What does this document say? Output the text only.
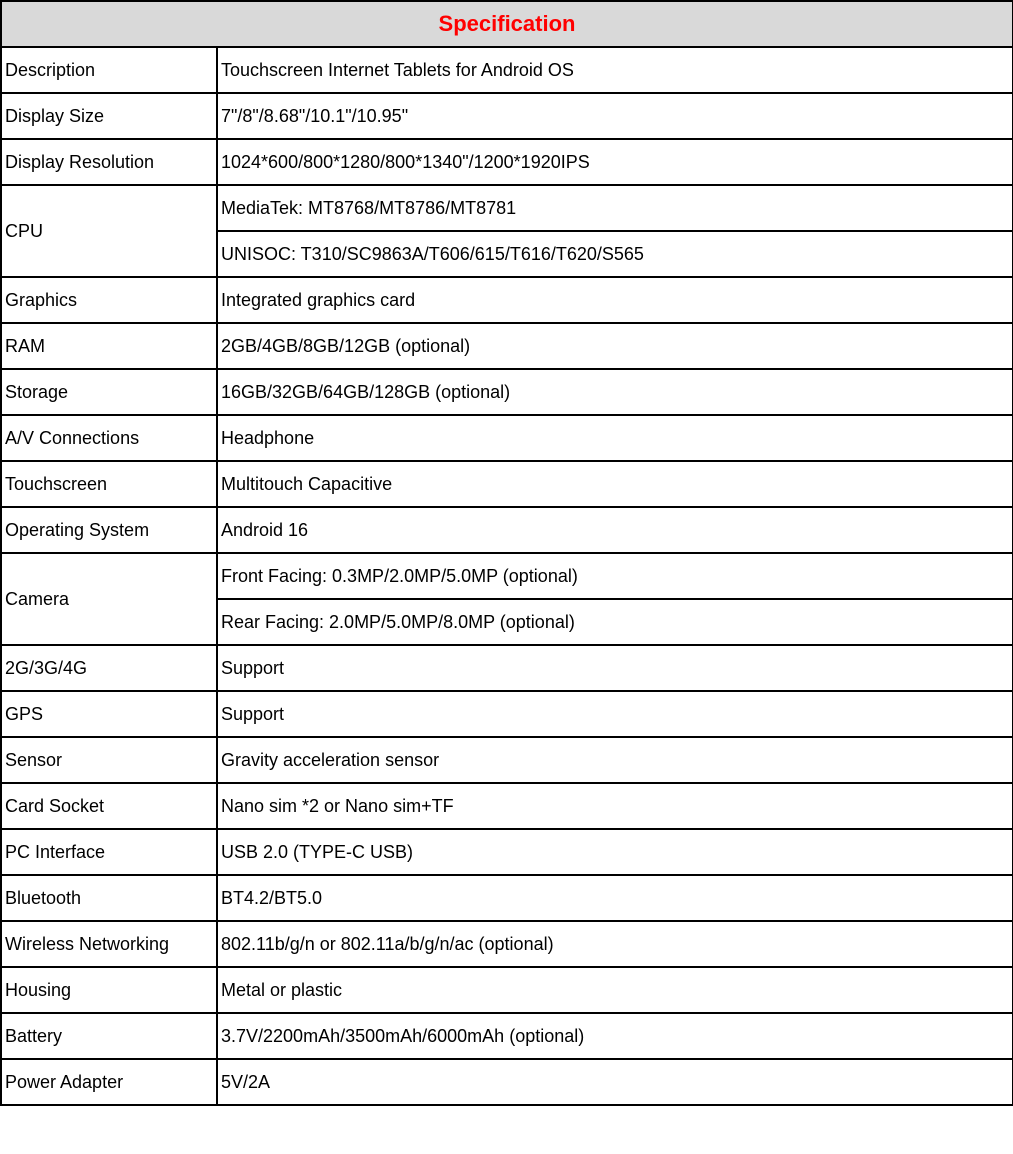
Specification	
Description	Touchscreen Internet Tablets for Android OS
Display Size	7"/8"/8.68"/10.1"/10.95"
Display Resolution	1024*600/800*1280/800*1340"/1200*1920IPS
CPU	MediaTek: MT8768/MT8786/MT8781
	UNISOC: T310/SC9863A/T606/615/T616/T620/S565
Graphics	Integrated graphics card
RAM	2GB/4GB/8GB/12GB (optional)
Storage	16GB/32GB/64GB/128GB (optional)
A/V Connections	Headphone
Touchscreen	Multitouch Capacitive
Operating System	Android 16
Camera	Front Facing: 0.3MP/2.0MP/5.0MP (optional)
	Rear Facing: 2.0MP/5.0MP/8.0MP (optional)
2G/3G/4G	Support
GPS	Support
Sensor	Gravity acceleration sensor
Card Socket	Nano sim *2 or Nano sim+TF
PC Interface	USB 2.0 (TYPE-C USB)
Bluetooth	BT4.2/BT5.0
Wireless Networking	802.11b/g/n or 802.11a/b/g/n/ac (optional)
Housing	Metal or plastic
Battery	3.7V/2200mAh/3500mAh/6000mAh (optional)
Power Adapter	5V/2A
